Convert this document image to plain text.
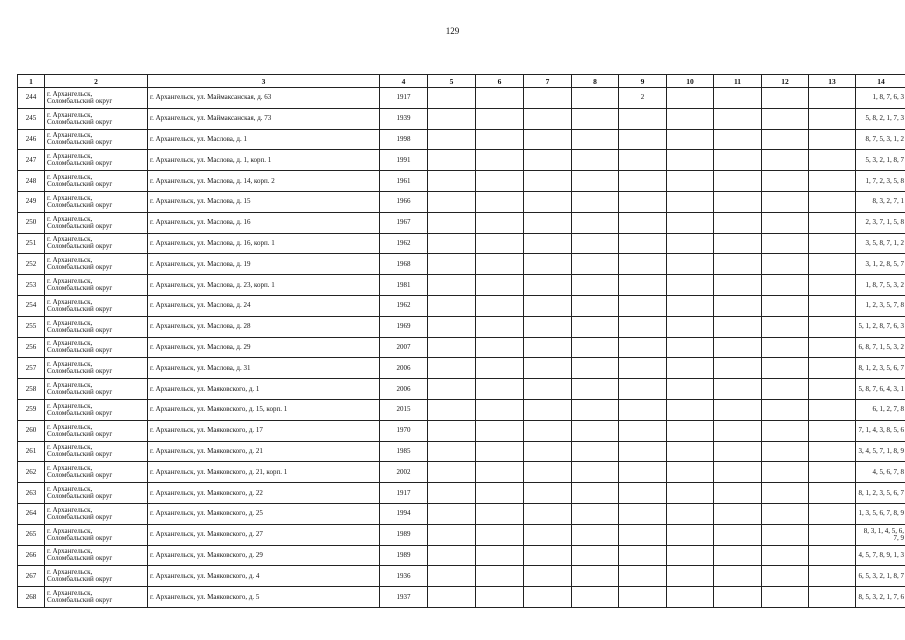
129
1	2	3	4	5	6	7	8	9	10	11	12	13	14
244	г. Архангельск,
Соломбальский округ	г. Архангельск, ул. Маймаксанская, д. 63	1917					2					1, 8, 7, 6, 3
245	г. Архангельск,
Соломбальский округ	г. Архангельск, ул. Маймаксанская, д. 73	1939										5, 8, 2, 1, 7, 3
246	г. Архангельск,
Соломбальский округ	г. Архангельск, ул. Маслова, д. 1	1998										8, 7, 5, 3, 1, 2
247	г. Архангельск,
Соломбальский округ	г. Архангельск, ул. Маслова, д. 1, корп. 1	1991										5, 3, 2, 1, 8, 7
248	г. Архангельск,
Соломбальский округ	г. Архангельск, ул. Маслова, д. 14, корп. 2	1961										1, 7, 2, 3, 5, 8
249	г. Архангельск,
Соломбальский округ	г. Архангельск, ул. Маслова, д. 15	1966										8, 3, 2, 7, 1
250	г. Архангельск,
Соломбальский округ	г. Архангельск, ул. Маслова, д. 16	1967										2, 3, 7, 1, 5, 8
251	г. Архангельск,
Соломбальский округ	г. Архангельск, ул. Маслова, д. 16, корп. 1	1962										3, 5, 8, 7, 1, 2
252	г. Архангельск,
Соломбальский округ	г. Архангельск, ул. Маслова, д. 19	1968										3, 1, 2, 8, 5, 7
253	г. Архангельск,
Соломбальский округ	г. Архангельск, ул. Маслова, д. 23, корп. 1	1981										1, 8, 7, 5, 3, 2
254	г. Архангельск,
Соломбальский округ	г. Архангельск, ул. Маслова, д. 24	1962										1, 2, 3, 5, 7, 8
255	г. Архангельск,
Соломбальский округ	г. Архангельск, ул. Маслова, д. 28	1969										5, 1, 2, 8, 7, 6, 3
256	г. Архангельск,
Соломбальский округ	г. Архангельск, ул. Маслова, д. 29	2007										6, 8, 7, 1, 5, 3, 2
257	г. Архангельск,
Соломбальский округ	г. Архангельск, ул. Маслова, д. 31	2006										8, 1, 2, 3, 5, 6, 7
258	г. Архангельск,
Соломбальский округ	г. Архангельск, ул. Маяковского, д. 1	2006										5, 8, 7, 6, 4, 3, 1
259	г. Архангельск,
Соломбальский округ	г. Архангельск, ул. Маяковского, д. 15, корп. 1	2015										6, 1, 2, 7, 8
260	г. Архангельск,
Соломбальский округ	г. Архангельск, ул. Маяковского, д. 17	1970										7, 1, 4, 3, 8, 5, 6
261	г. Архангельск,
Соломбальский округ	г. Архангельск, ул. Маяковского, д. 21	1985										3, 4, 5, 7, 1, 8, 9
262	г. Архангельск,
Соломбальский округ	г. Архангельск, ул. Маяковского, д. 21, корп. 1	2002										4, 5, 6, 7, 8
263	г. Архангельск,
Соломбальский округ	г. Архангельск, ул. Маяковского, д. 22	1917										8, 1, 2, 3, 5, 6, 7
264	г. Архангельск,
Соломбальский округ	г. Архангельск, ул. Маяковского, д. 25	1994										1, 3, 5, 6, 7, 8, 9
265	г. Архангельск,
Соломбальский округ	г. Архангельск, ул. Маяковского, д. 27	1989										8, 3, 1, 4, 5, 6, 7, 9
266	г. Архангельск,
Соломбальский округ	г. Архангельск, ул. Маяковского, д. 29	1989										4, 5, 7, 8, 9, 1, 3
267	г. Архангельск,
Соломбальский округ	г. Архангельск, ул. Маяковского, д. 4	1936										6, 5, 3, 2, 1, 8, 7
268	г. Архангельск,
Соломбальский округ	г. Архангельск, ул. Маяковского, д. 5	1937										8, 5, 3, 2, 1, 7, 6
